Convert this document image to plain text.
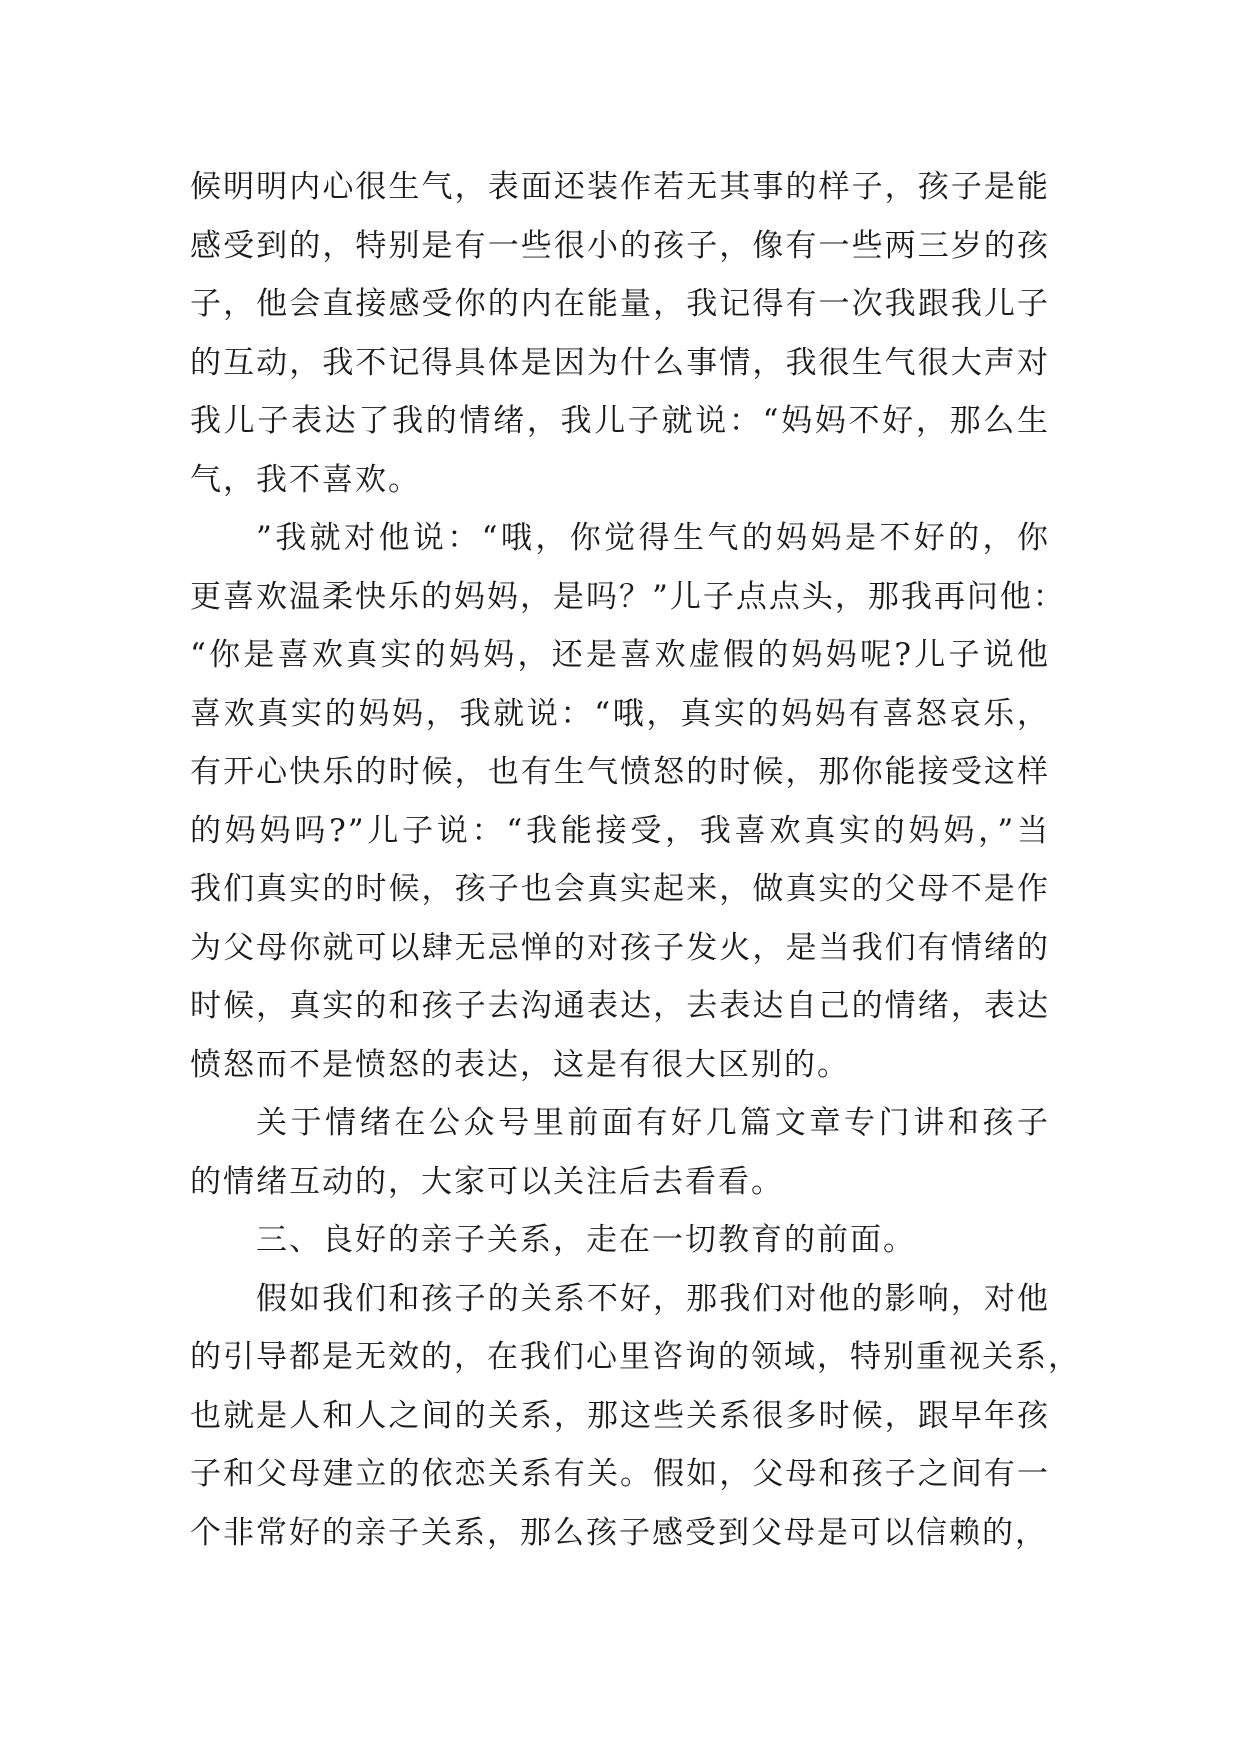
候明明内心很生气，表面还装作若无其事的样子，孩子是能
感受到的，特别是有一些很小的孩子，像有一些两三岁的孩
子，他会直接感受你的内在能量，我记得有一次我跟我儿子
的互动，我不记得具体是因为什么事情，我很生气很大声对
我儿子表达了我的情绪，我儿子就说：“妈妈不好，那么生
气，我不喜欢。
”我就对他说：“哦，你觉得生气的妈妈是不好的，你
更喜欢温柔快乐的妈妈，是吗？”儿子点点头，那我再问他：
“你是喜欢真实的妈妈，还是喜欢虚假的妈妈呢?儿子说他
喜欢真实的妈妈，我就说：“哦，真实的妈妈有喜怒哀乐，
有开心快乐的时候，也有生气愤怒的时候，那你能接受这样
的妈妈吗?”儿子说：“我能接受，我喜欢真实的妈妈，”当
我们真实的时候，孩子也会真实起来，做真实的父母不是作
为父母你就可以肆无忌惮的对孩子发火，是当我们有情绪的
时候，真实的和孩子去沟通表达，去表达自己的情绪，表达
愤怒而不是愤怒的表达，这是有很大区别的。
关于情绪在公众号里前面有好几篇文章专门讲和孩子
的情绪互动的，大家可以关注后去看看。
三、良好的亲子关系，走在一切教育的前面。
假如我们和孩子的关系不好，那我们对他的影响，对他
的引导都是无效的，在我们心里咨询的领域，特别重视关系，
也就是人和人之间的关系，那这些关系很多时候，跟早年孩
子和父母建立的依恋关系有关。假如，父母和孩子之间有一
个非常好的亲子关系，那么孩子感受到父母是可以信赖的，
